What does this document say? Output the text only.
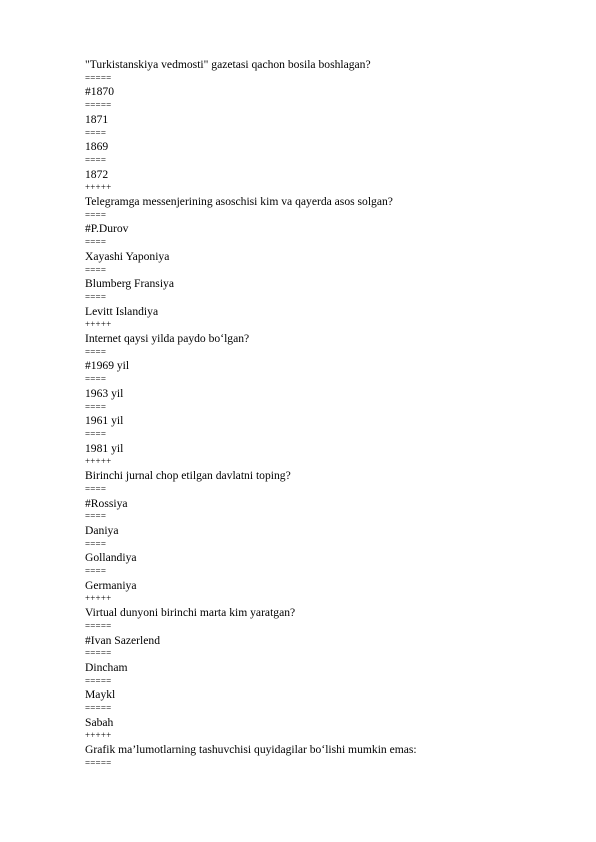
"Turkistanskiya vedmosti" gazetasi qachon bosila boshlagan?
=====
#1870
=====
1871
====
1869
====
1872
+++++
Telegramga messenjerining asoschisi kim va qayerda asos solgan?
====
#P.Durov
====
Xayashi Yaponiya
====
Blumberg Fransiya
====
Levitt Islandiya
+++++
Internet qaysi yilda paydo bo‘lgan?
====
#1969 yil
====
1963 yil
====
1961 yil
====
1981 yil
+++++
Birinchi jurnal chop etilgan davlatni toping?
====
#Rossiya
====
Daniya
====
Gollandiya
====
Germaniya
+++++
Virtual dunyoni birinchi marta kim yaratgan?
=====
#Ivan Sazerlend
=====
Dincham
=====
Maykl
=====
Sabah
+++++
Grafik ma’lumotlarning tashuvchisi quyidagilar bo‘lishi mumkin emas:
=====
